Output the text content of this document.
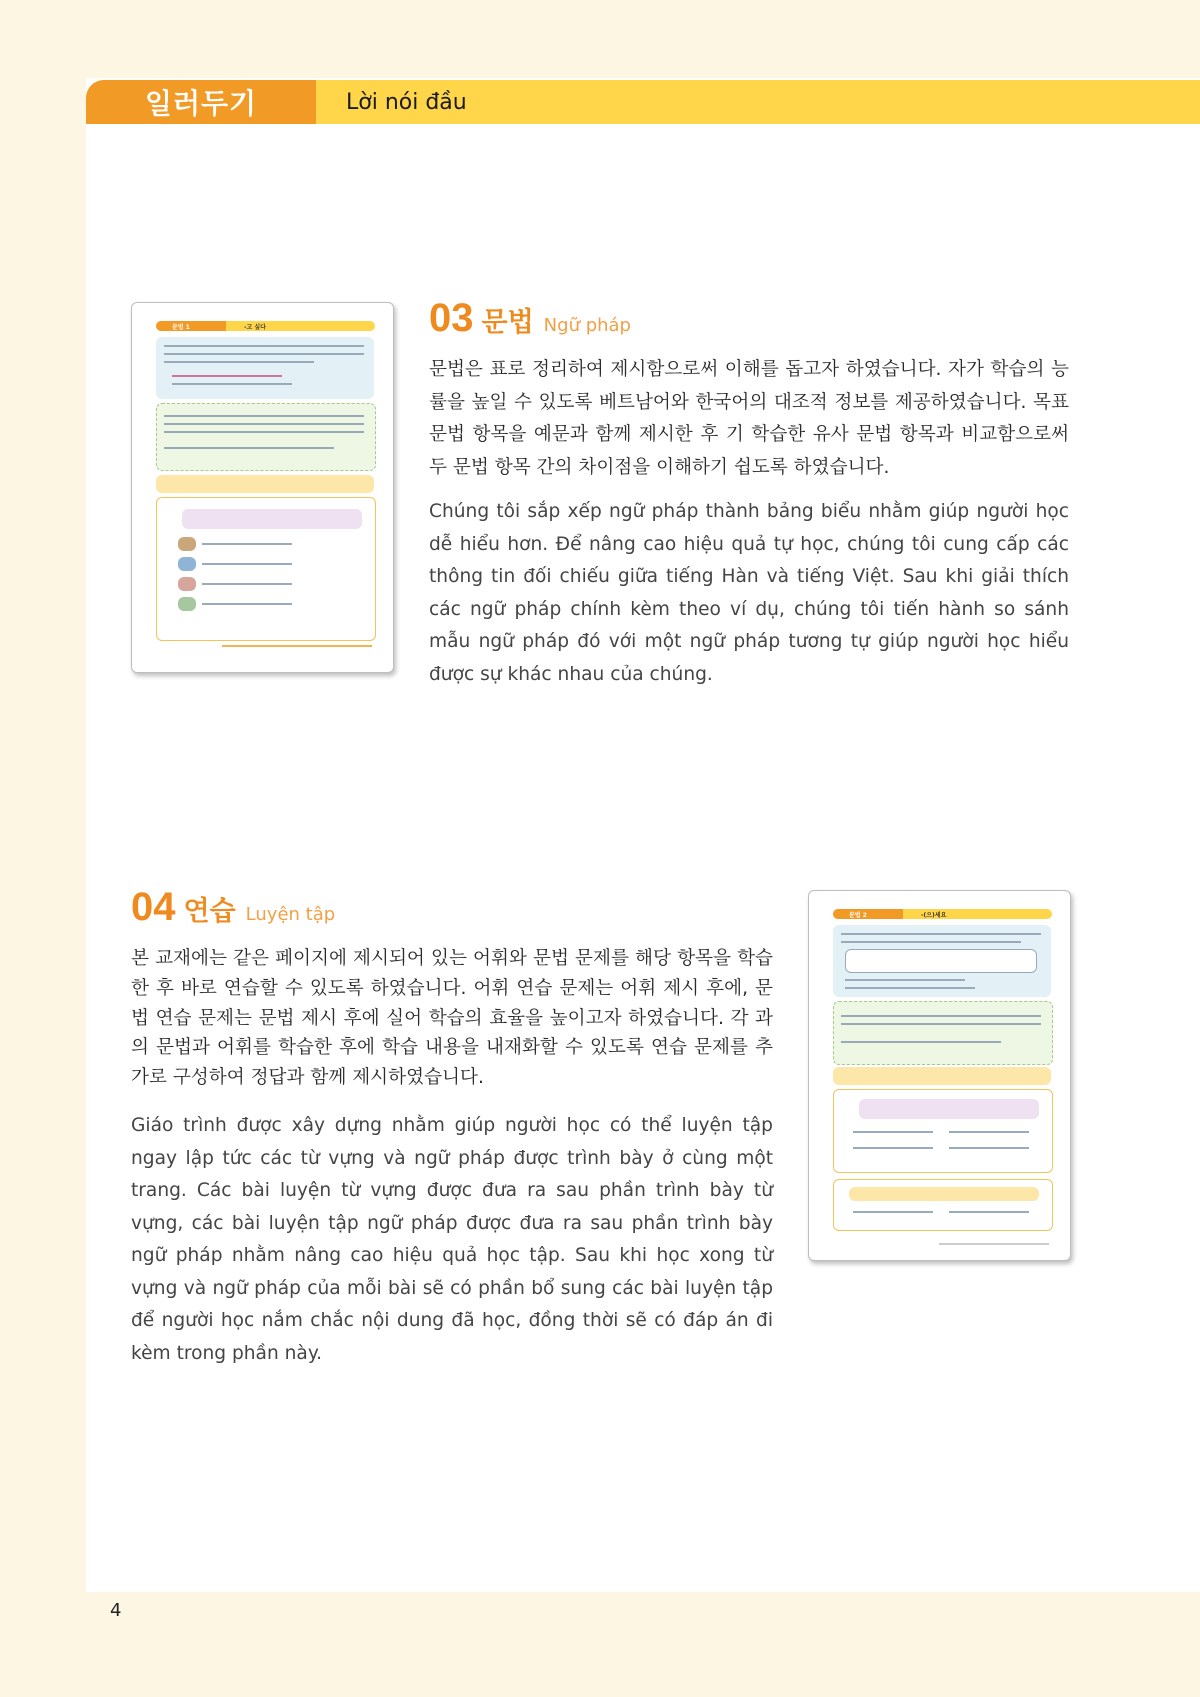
일러두기	Lời nói đầu
문법 1	-고 싶다
문법 2	-(으)세요
03 문법 Ngữ pháp

문법은 표로 정리하여 제시함으로써 이해를 돕고자 하였습니다. 자가 학습의 능률을 높일 수 있도록 베트남어와 한국어의 대조적 정보를 제공하였습니다. 목표 문법 항목을 예문과 함께 제시한 후 기 학습한 유사 문법 항목과 비교함으로써 두 문법 항목 간의 차이점을 이해하기 쉽도록 하였습니다.

Chúng tôi sắp xếp ngữ pháp thành bảng biểu nhằm giúp người học dễ hiểu hơn. Để nâng cao hiệu quả tự học, chúng tôi cung cấp các thông tin đối chiếu giữa tiếng Hàn và tiếng Việt. Sau khi giải thích các ngữ pháp chính kèm theo ví dụ, chúng tôi tiến hành so sánh mẫu ngữ pháp đó với một ngữ pháp tương tự giúp người học hiểu được sự khác nhau của chúng.

04 연습 Luyện tập

본 교재에는 같은 페이지에 제시되어 있는 어휘와 문법 문제를 해당 항목을 학습한 후 바로 연습할 수 있도록 하였습니다. 어휘 연습 문제는 어휘 제시 후에, 문법 연습 문제는 문법 제시 후에 실어 학습의 효율을 높이고자 하였습니다. 각 과의 문법과 어휘를 학습한 후에 학습 내용을 내재화할 수 있도록 연습 문제를 추가로 구성하여 정답과 함께 제시하였습니다.

Giáo trình được xây dựng nhằm giúp người học có thể luyện tập ngay lập tức các từ vựng và ngữ pháp được trình bày ở cùng một trang. Các bài luyện từ vựng được đưa ra sau phần trình bày từ vựng, các bài luyện tập ngữ pháp được đưa ra sau phần trình bày ngữ pháp nhằm nâng cao hiệu quả học tập. Sau khi học xong từ vựng và ngữ pháp của mỗi bài sẽ có phần bổ sung các bài luyện tập để người học nắm chắc nội dung đã học, đồng thời sẽ có đáp án đi kèm trong phần này.

4
